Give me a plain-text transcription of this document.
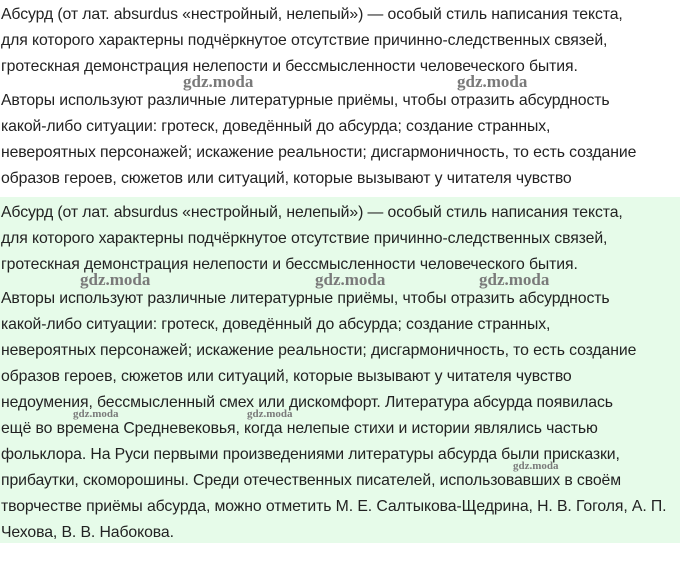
Абсурд (от лат. absurdus «нестройный, нелепый») — особый стиль написания текста,
для которого характерны подчёркнутое отсутствие причинно-следственных связей,
гротескная демонстрация нелепости и бессмысленности человеческого бытия.
Авторы используют различные литературные приёмы, чтобы отразить абсурдность
какой-либо ситуации: гротеск, доведённый до абсурда; создание странных,
невероятных персонажей; искажение реальности; дисгармоничность, то есть создание
образов героев, сюжетов или ситуаций, которые вызывают у читателя чувство
gdz.moda	gdz.moda
Абсурд (от лат. absurdus «нестройный, нелепый») — особый стиль написания текста,
для которого характерны подчёркнутое отсутствие причинно-следственных связей,
гротескная демонстрация нелепости и бессмысленности человеческого бытия.
Авторы используют различные литературные приёмы, чтобы отразить абсурдность
какой-либо ситуации: гротеск, доведённый до абсурда; создание странных,
невероятных персонажей; искажение реальности; дисгармоничность, то есть создание
образов героев, сюжетов или ситуаций, которые вызывают у читателя чувство
недоумения, бессмысленный смех или дискомфорт. Литература абсурда появилась
ещё во времена Средневековья, когда нелепые стихи и истории являлись частью
фольклора. На Руси первыми произведениями литературы абсурда были присказки,
прибаутки, скоморошины. Среди отечественных писателей, использовавших в своём
творчестве приёмы абсурда, можно отметить М. Е. Салтыкова-Щедрина, Н. В. Гоголя, А. П.
Чехова, В. В. Набокова.
gdz.moda	gdz.moda	gdz.moda
gdz.moda	gdz.moda
gdz.moda
